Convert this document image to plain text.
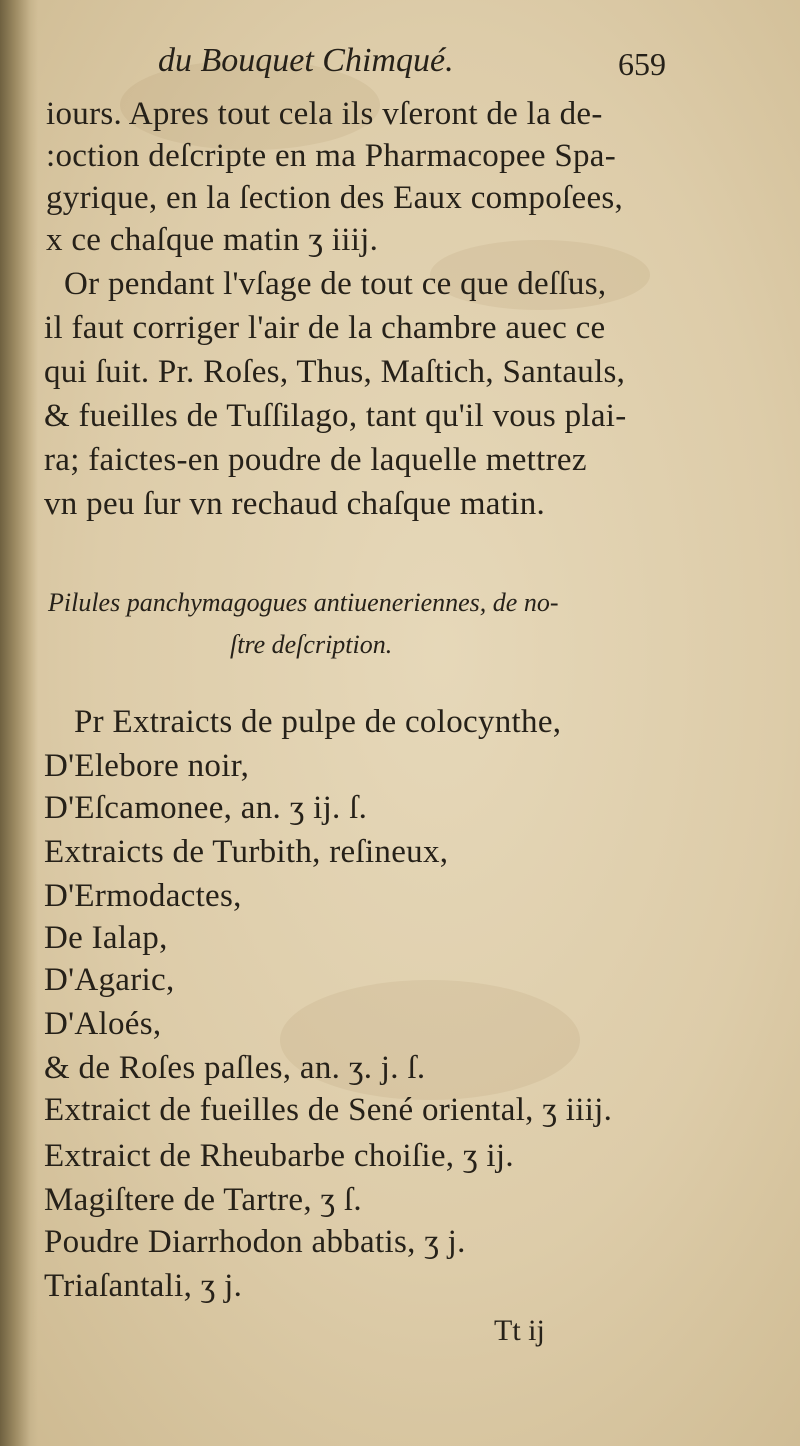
du Bouquet Chimqué.	659
iours. Apres tout cela ils vſeront de la de-
:oction deſcripte en ma Pharmacopee Spa-
gyrique, en la ſection des Eaux compoſees,
x ce chaſque matin ʒ iiij.
Or pendant l'vſage de tout ce que deſſus,
il faut corriger l'air de la chambre auec ce
qui ſuit. Pr. Roſes, Thus, Maſtich, Santauls,
& fueilles de Tuſſilago, tant qu'il vous plai-
ra; faictes-en poudre de laquelle mettrez
vn peu ſur vn rechaud chaſque matin.
Pilules panchymagogues antiueneriennes, de no-
ſtre deſcription.
Pr Extraicts de pulpe de colocynthe,
D'Elebore noir,
D'Eſcamonee, an. ʒ ij. ſ.
Extraicts de Turbith, reſineux,
D'Ermodactes,
De Ialap,
D'Agaric,
D'Aloés,
& de Roſes paſles, an. ʒ. j. ſ.
Extraict de fueilles de Sené oriental, ʒ iiij.
Extraict de Rheubarbe choiſie, ʒ ij.
Magiſtere de Tartre, ʒ ſ.
Poudre Diarrhodon abbatis, ʒ j.
Triaſantali, ʒ j.
Tt ij
